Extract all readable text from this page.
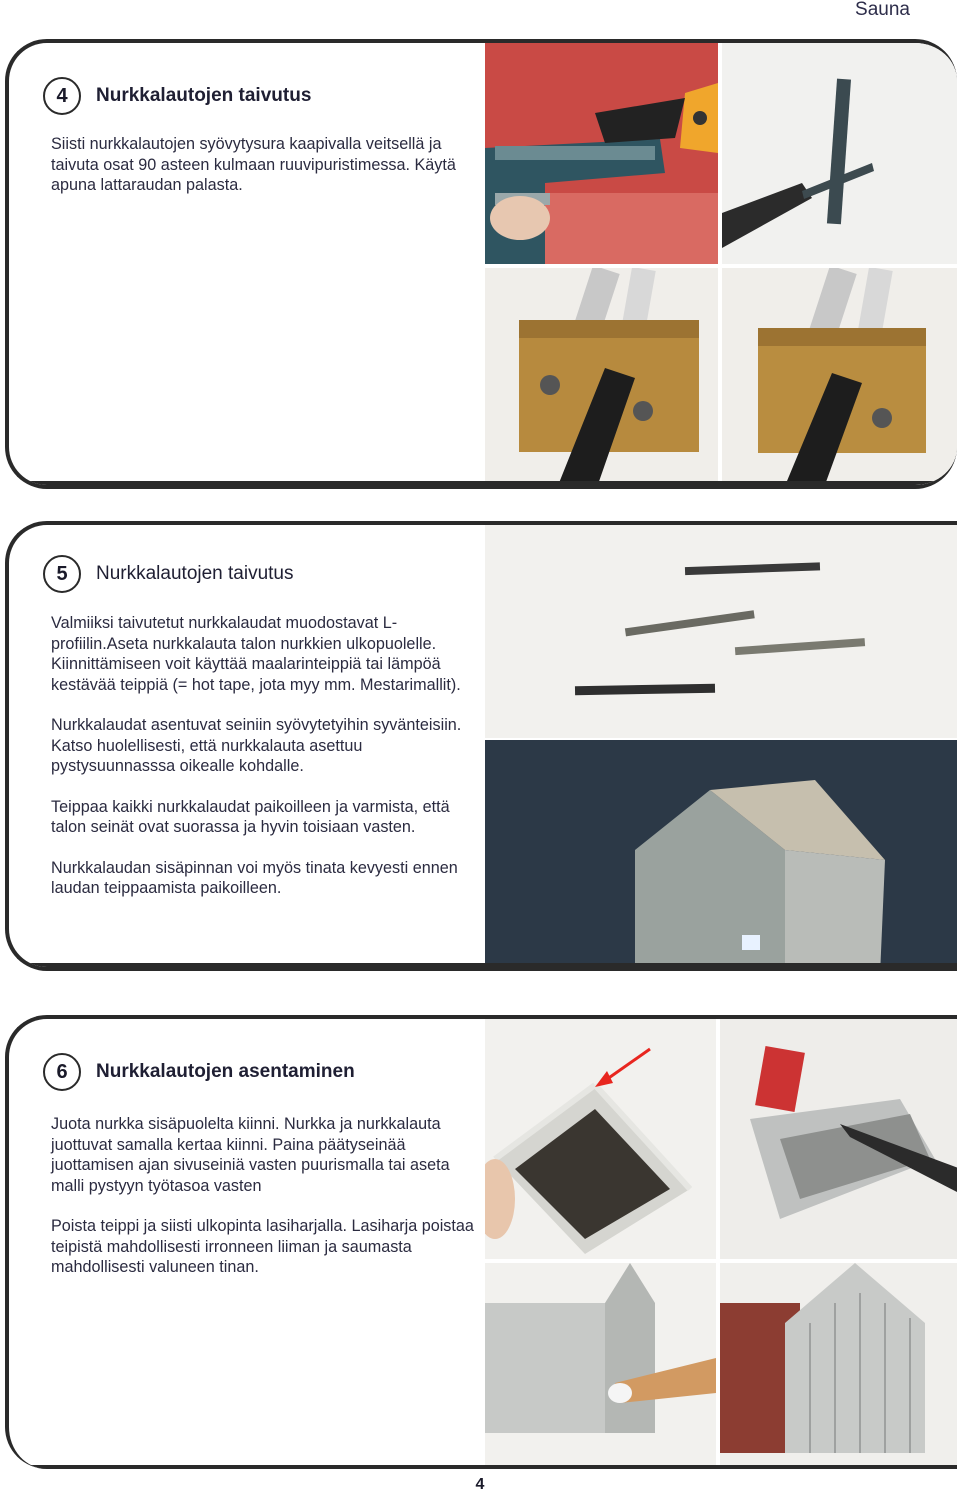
Sauna
4	Nurkkalautojen taivutus

Siisti nurkkalautojen syövytysura kaapivalla veitsellä ja taivuta osat 90 asteen kulmaan ruuvipuristimessa. Käytä apuna lattaraudan palasta.

5	Nurkkalautojen taivutus

Valmiiksi taivutetut nurkkalaudat muodostavat L-profiilin.Aseta nurkkalauta talon nurkkien ulkopuolelle. Kiinnittämiseen voit käyttää maalarinteippiä tai lämpöä kestävää teippiä (= hot tape, jota myy mm. Mestarimallit).

Nurkkalaudat asentuvat seiniin syövytetyihin syvänteisiin. Katso huolellisesti, että nurkkalauta asettuu pystysuunnasssa oikealle kohdalle.

Teippaa kaikki nurkkalaudat paikoilleen ja varmista, että talon seinät ovat suorassa ja hyvin toisiaan vasten.

Nurkkalaudan sisäpinnan voi myös tinata kevyesti ennen laudan teippaamista paikoilleen.

6	Nurkkalautojen asentaminen

Juota nurkka sisäpuolelta kiinni. Nurkka ja nurkkalauta juottuvat samalla kertaa kiinni. Paina päätyseinää juottamisen ajan sivuseiniä vasten puurismalla tai aseta malli pystyyn työtasoa vasten

Poista teippi ja siisti ulkopinta lasiharjalla. Lasiharja poistaa teipistä mahdollisesti irronneen liiman ja saumasta mahdollisesti valuneen tinan.

4
